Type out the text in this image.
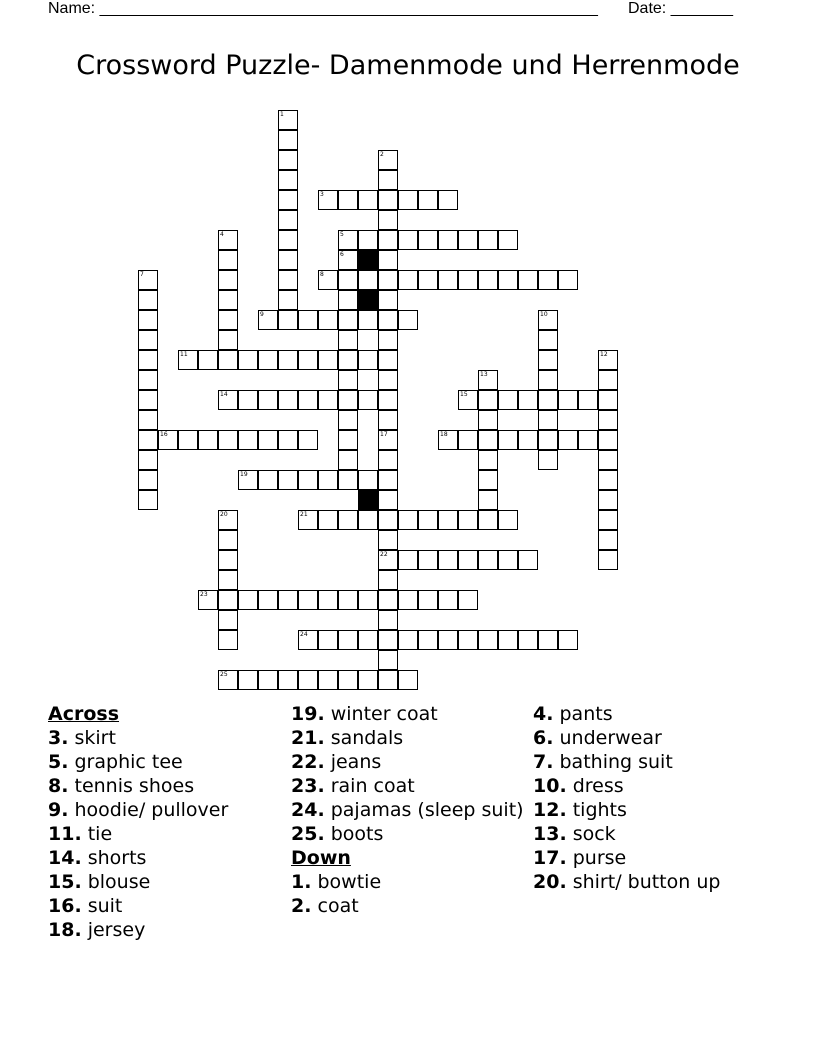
Name: ________________________________________________________ Date: _______
Crossword Puzzle- Damenmode und Herrenmode
3
5
8
9
11
14	15
16	18
19
21
22
23
24
25
1
2
17
4
6
7
10
12
13
20

Across

3. skirt

5. graphic tee

8. tennis shoes

9. hoodie/ pullover

11. tie

14. shorts

15. blouse

16. suit

18. jersey

19. winter coat

21. sandals

22. jeans

23. rain coat

24. pajamas (sleep suit)

25. boots

Down

1. bowtie

2. coat

4. pants

6. underwear

7. bathing suit

10. dress

12. tights

13. sock

17. purse

20. shirt/ button up
